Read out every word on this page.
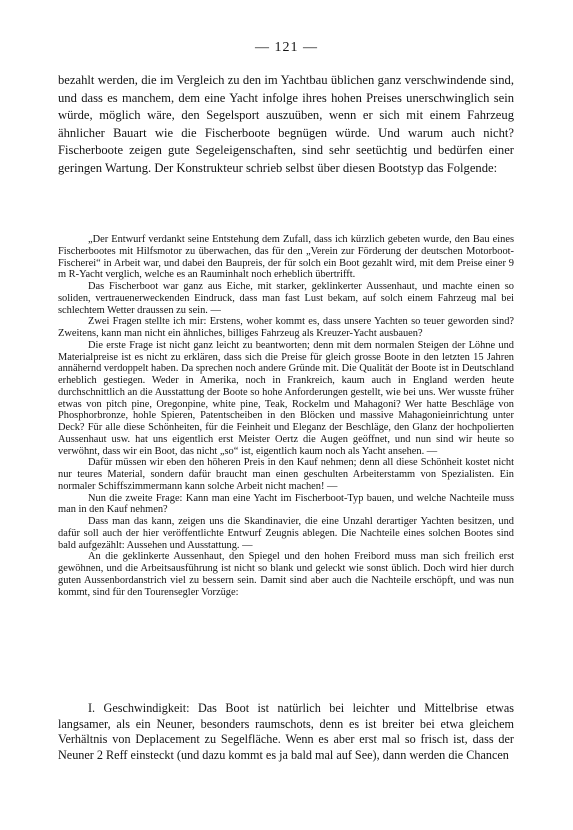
— 121 —
bezahlt werden, die im Vergleich zu den im Yachtbau üblichen ganz verschwindende sind, und dass es manchem, dem eine Yacht infolge ihres hohen Preises unerschwinglich sein würde, möglich wäre, den Segelsport auszuüben, wenn er sich mit einem Fahrzeug ähnlicher Bauart wie die Fischerboote begnügen würde. Und warum auch nicht? Fischerboote zeigen gute Segeleigenschaften, sind sehr seetüchtig und bedürfen einer geringen Wartung. Der Konstrukteur schrieb selbst über diesen Bootstyp das Folgende:

„Der Entwurf verdankt seine Entstehung dem Zufall, dass ich kürzlich gebeten wurde, den Bau eines Fischerbootes mit Hilfsmotor zu überwachen, das für den „Verein zur Förderung der deutschen Motorboot-Fischerei“ in Arbeit war, und dabei den Baupreis, der für solch ein Boot gezahlt wird, mit dem Preise einer 9 m R-Yacht verglich, welche es an Rauminhalt noch erheblich übertrifft.

Das Fischerboot war ganz aus Eiche, mit starker, geklinkerter Aussenhaut, und machte einen so soliden, vertrauenerweckenden Eindruck, dass man fast Lust bekam, auf solch einem Fahrzeug mal bei schlechtem Wetter draussen zu sein. —

Zwei Fragen stellte ich mir: Erstens, woher kommt es, dass unsere Yachten so teuer geworden sind? Zweitens, kann man nicht ein ähnliches, billiges Fahrzeug als Kreuzer-Yacht ausbauen?

Die erste Frage ist nicht ganz leicht zu beantworten; denn mit dem normalen Steigen der Löhne und Materialpreise ist es nicht zu erklären, dass sich die Preise für gleich grosse Boote in den letzten 15 Jahren annähernd verdoppelt haben. Da sprechen noch andere Gründe mit. Die Qualität der Boote ist in Deutschland erheblich gestiegen. Weder in Amerika, noch in Frankreich, kaum auch in England werden heute durchschnittlich an die Ausstattung der Boote so hohe Anforderungen gestellt, wie bei uns. Wer wusste früher etwas von pitch pine, Oregonpine, white pine, Teak, Rockelm und Mahagoni? Wer hatte Beschläge von Phosphorbronze, hohle Spieren, Patentscheiben in den Blöcken und massive Mahagonieinrichtung unter Deck? Für alle diese Schönheiten, für die Feinheit und Eleganz der Beschläge, den Glanz der hochpolierten Aussenhaut usw. hat uns eigentlich erst Meister Oertz die Augen geöffnet, und nun sind wir heute so verwöhnt, dass wir ein Boot, das nicht „so“ ist, eigentlich kaum noch als Yacht ansehen. —

Dafür müssen wir eben den höheren Preis in den Kauf nehmen; denn all diese Schönheit kostet nicht nur teures Material, sondern dafür braucht man einen geschulten Arbeiterstamm von Spezialisten. Ein normaler Schiffszimmermann kann solche Arbeit nicht machen! —

Nun die zweite Frage: Kann man eine Yacht im Fischerboot-Typ bauen, und welche Nachteile muss man in den Kauf nehmen?

Dass man das kann, zeigen uns die Skandinavier, die eine Unzahl derartiger Yachten besitzen, und dafür soll auch der hier veröffentlichte Entwurf Zeugnis ablegen. Die Nachteile eines solchen Bootes sind bald aufgezählt: Aussehen und Ausstattung. —

An die geklinkerte Aussenhaut, den Spiegel und den hohen Freibord muss man sich freilich erst gewöhnen, und die Arbeitsausführung ist nicht so blank und geleckt wie sonst üblich. Doch wird hier durch guten Aussenbordanstrich viel zu bessern sein. Damit sind aber auch die Nachteile erschöpft, und was nun kommt, sind für den Tourensegler Vorzüge:

I. Geschwindigkeit: Das Boot ist natürlich bei leichter und Mittelbrise etwas langsamer, als ein Neuner, besonders raumschots, denn es ist breiter bei etwa gleichem Verhältnis von Deplacement zu Segelfläche. Wenn es aber erst mal so frisch ist, dass der Neuner 2 Reff einsteckt (und dazu kommt es ja bald mal auf See), dann werden die Chancen
